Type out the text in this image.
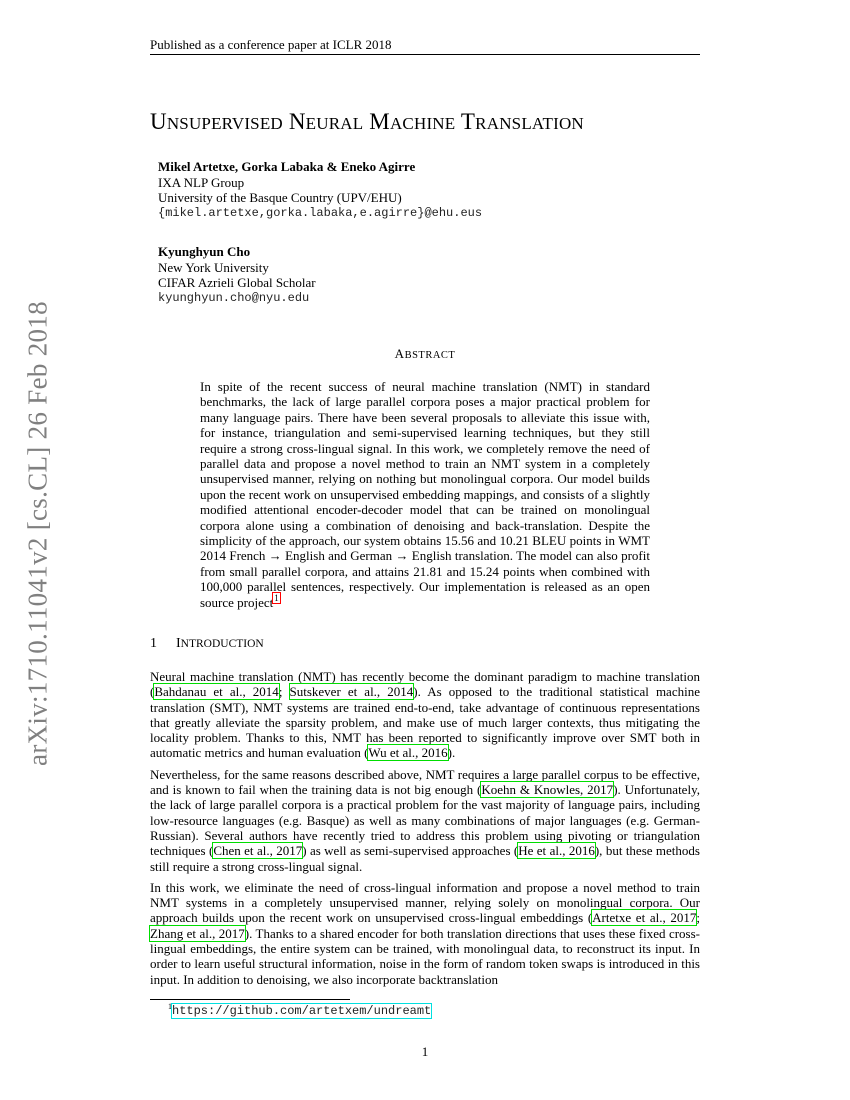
Published as a conference paper at ICLR 2018
arXiv:1710.11041v2 [cs.CL] 26 Feb 2018
UNSUPERVISED NEURAL MACHINE TRANSLATION
Mikel Artetxe, Gorka Labaka & Eneko Agirre
IXA NLP Group
University of the Basque Country (UPV/EHU)
{mikel.artetxe,gorka.labaka,e.agirre}@ehu.eus
Kyunghyun Cho
New York University
CIFAR Azrieli Global Scholar
kyunghyun.cho@nyu.edu
ABSTRACT
In spite of the recent success of neural machine translation (NMT) in standard benchmarks, the lack of large parallel corpora poses a major practical problem for many language pairs. There have been several proposals to alleviate this issue with, for instance, triangulation and semi-supervised learning techniques, but they still require a strong cross-lingual signal. In this work, we completely remove the need of parallel data and propose a novel method to train an NMT system in a completely unsupervised manner, relying on nothing but monolingual corpora. Our model builds upon the recent work on unsupervised embedding mappings, and consists of a slightly modified attentional encoder-decoder model that can be trained on monolingual corpora alone using a combination of denoising and back-translation. Despite the simplicity of the approach, our system obtains 15.56 and 10.21 BLEU points in WMT 2014 French → English and German → English translation. The model can also profit from small parallel corpora, and attains 21.81 and 15.24 points when combined with 100,000 parallel sentences, respectively. Our implementation is released as an open source project$^1$
1 INTRODUCTION

Neural machine translation (NMT) has recently become the dominant paradigm to machine translation (Bahdanau et al., 2014; Sutskever et al., 2014). As opposed to the traditional statistical machine translation (SMT), NMT systems are trained end-to-end, take advantage of continuous representations that greatly alleviate the sparsity problem, and make use of much larger contexts, thus mitigating the locality problem. Thanks to this, NMT has been reported to significantly improve over SMT both in automatic metrics and human evaluation (Wu et al., 2016).

Nevertheless, for the same reasons described above, NMT requires a large parallel corpus to be effective, and is known to fail when the training data is not big enough (Koehn & Knowles, 2017). Unfortunately, the lack of large parallel corpora is a practical problem for the vast majority of language pairs, including low-resource languages (e.g. Basque) as well as many combinations of major languages (e.g. German-Russian). Several authors have recently tried to address this problem using pivoting or triangulation techniques (Chen et al., 2017) as well as semi-supervised approaches (He et al., 2016), but these methods still require a strong cross-lingual signal.

In this work, we eliminate the need of cross-lingual information and propose a novel method to train NMT systems in a completely unsupervised manner, relying solely on monolingual corpora. Our approach builds upon the recent work on unsupervised cross-lingual embeddings (Artetxe et al., 2017; Zhang et al., 2017). Thanks to a shared encoder for both translation directions that uses these fixed cross-lingual embeddings, the entire system can be trained, with monolingual data, to reconstruct its input. In order to learn useful structural information, noise in the form of random token swaps is introduced in this input. In addition to denoising, we also incorporate backtranslation

$^1$https://github.com/artetxem/undreamt
1
